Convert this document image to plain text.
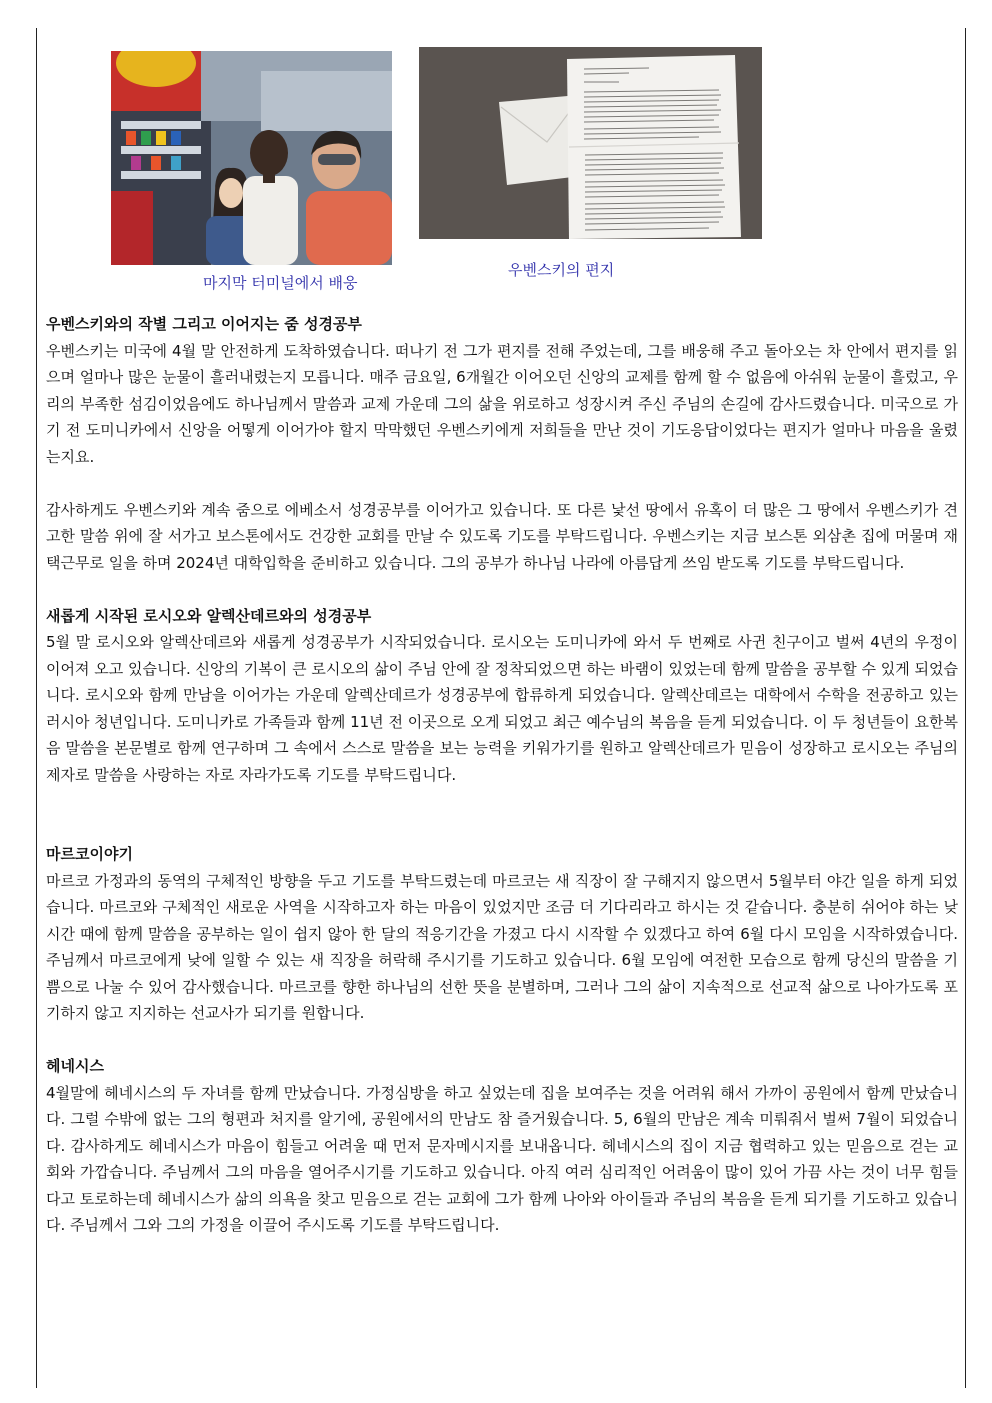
마지막 터미널에서 배웅
우벤스키의 편지
우벤스키와의 작별 그리고 이어지는 줌 성경공부

우벤스키는 미국에 4월 말 안전하게 도착하였습니다. 떠나기 전 그가 편지를 전해 주었는데, 그를 배웅해 주고 돌아오는 차 안에서 편지를 읽으며 얼마나 많은 눈물이 흘러내렸는지 모릅니다. 매주 금요일, 6개월간 이어오던 신앙의 교제를 함께 할 수 없음에 아쉬워 눈물이 흘렀고, 우리의 부족한 섬김이었음에도 하나님께서 말씀과 교제 가운데 그의 삶을 위로하고 성장시켜 주신 주님의 손길에 감사드렸습니다. 미국으로 가기 전 도미니카에서 신앙을 어떻게 이어가야 할지 막막했던 우벤스키에게 저희들을 만난 것이 기도응답이었다는 편지가 얼마나 마음을 울렸는지요.

감사하게도 우벤스키와 계속 줌으로 에베소서 성경공부를 이어가고 있습니다. 또 다른 낯선 땅에서 유혹이 더 많은 그 땅에서 우벤스키가 견고한 말씀 위에 잘 서가고 보스톤에서도 건강한 교회를 만날 수 있도록 기도를 부탁드립니다. 우벤스키는 지금 보스톤 외삼촌 집에 머물며 재택근무로 일을 하며 2024년 대학입학을 준비하고 있습니다. 그의 공부가 하나님 나라에 아름답게 쓰임 받도록 기도를 부탁드립니다.

새롭게 시작된 로시오와 알렉산데르와의 성경공부

5월 말 로시오와 알렉산데르와 새롭게 성경공부가 시작되었습니다. 로시오는 도미니카에 와서 두 번째로 사귄 친구이고 벌써 4년의 우정이 이어져 오고 있습니다. 신앙의 기복이 큰 로시오의 삶이 주님 안에 잘 정착되었으면 하는 바램이 있었는데 함께 말씀을 공부할 수 있게 되었습니다. 로시오와 함께 만남을 이어가는 가운데 알렉산데르가 성경공부에 합류하게 되었습니다. 알렉산데르는 대학에서 수학을 전공하고 있는 러시아 청년입니다. 도미니카로 가족들과 함께 11년 전 이곳으로 오게 되었고 최근 예수님의 복음을 듣게 되었습니다. 이 두 청년들이 요한복음 말씀을 본문별로 함께 연구하며 그 속에서 스스로 말씀을 보는 능력을 키워가기를 원하고 알렉산데르가 믿음이 성장하고 로시오는 주님의 제자로 말씀을 사랑하는 자로 자라가도록 기도를 부탁드립니다.

마르코이야기

마르코 가정과의 동역의 구체적인 방향을 두고 기도를 부탁드렸는데 마르코는 새 직장이 잘 구해지지 않으면서 5월부터 야간 일을 하게 되었습니다. 마르코와 구체적인 새로운 사역을 시작하고자 하는 마음이 있었지만 조금 더 기다리라고 하시는 것 같습니다. 충분히 쉬어야 하는 낮 시간 때에 함께 말씀을 공부하는 일이 쉽지 않아 한 달의 적응기간을 가졌고 다시 시작할 수 있겠다고 하여 6월 다시 모임을 시작하였습니다. 주님께서 마르코에게 낮에 일할 수 있는 새 직장을 허락해 주시기를 기도하고 있습니다. 6월 모임에 여전한 모습으로 함께 당신의 말씀을 기쁨으로 나눌 수 있어 감사했습니다. 마르코를 향한 하나님의 선한 뜻을 분별하며, 그러나 그의 삶이 지속적으로 선교적 삶으로 나아가도록 포기하지 않고 지지하는 선교사가 되기를 원합니다.

헤네시스

4월말에 헤네시스의 두 자녀를 함께 만났습니다. 가정심방을 하고 싶었는데 집을 보여주는 것을 어려워 해서 가까이 공원에서 함께 만났습니다. 그럴 수밖에 없는 그의 형편과 처지를 알기에, 공원에서의 만남도 참 즐거웠습니다. 5, 6월의 만남은 계속 미뤄줘서 벌써 7월이 되었습니다. 감사하게도 헤네시스가 마음이 힘들고 어려울 때 먼저 문자메시지를 보내옵니다. 헤네시스의 집이 지금 협력하고 있는 믿음으로 걷는 교회와 가깝습니다. 주님께서 그의 마음을 열어주시기를 기도하고 있습니다. 아직 여러 심리적인 어려움이 많이 있어 가끔 사는 것이 너무 힘들다고 토로하는데 헤네시스가 삶의 의욕을 찾고 믿음으로 걷는 교회에 그가 함께 나아와 아이들과 주님의 복음을 듣게 되기를 기도하고 있습니다. 주님께서 그와 그의 가정을 이끌어 주시도록 기도를 부탁드립니다.
